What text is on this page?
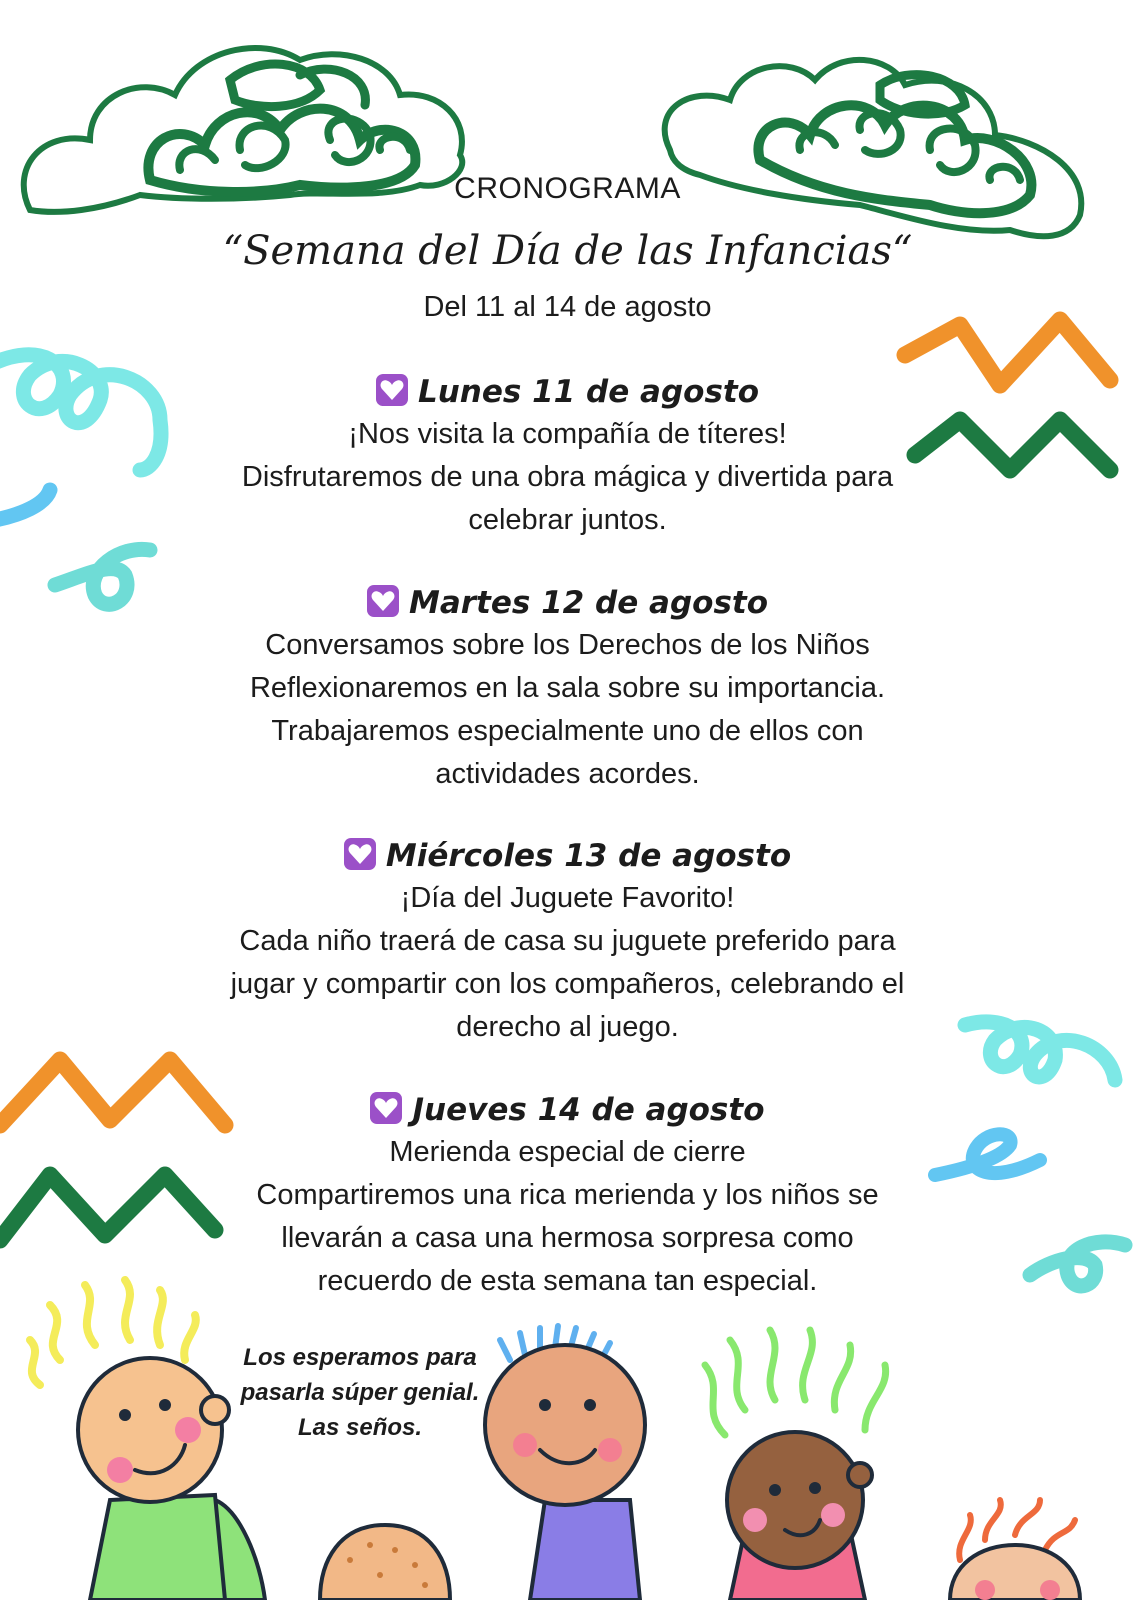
CRONOGRAMA
“Semana del Día de las Infancias“
Del 11 al 14 de agosto
Lunes 11 de agosto
¡Nos visita la compañía de títeres!
Disfrutaremos de una obra mágica y divertida para
celebrar juntos.
Martes 12 de agosto
Conversamos sobre los Derechos de los Niños
Reflexionaremos en la sala sobre su importancia.
Trabajaremos especialmente uno de ellos con
actividades acordes.
Miércoles 13 de agosto
¡Día del Juguete Favorito!
Cada niño traerá de casa su juguete preferido para
jugar y compartir con los compañeros, celebrando el
derecho al juego.
Jueves 14 de agosto
Merienda especial de cierre
Compartiremos una rica merienda y los niños se
llevarán a casa una hermosa sorpresa como
recuerdo de esta semana tan especial.
Los esperamos para
pasarla súper genial.
Las seños.
